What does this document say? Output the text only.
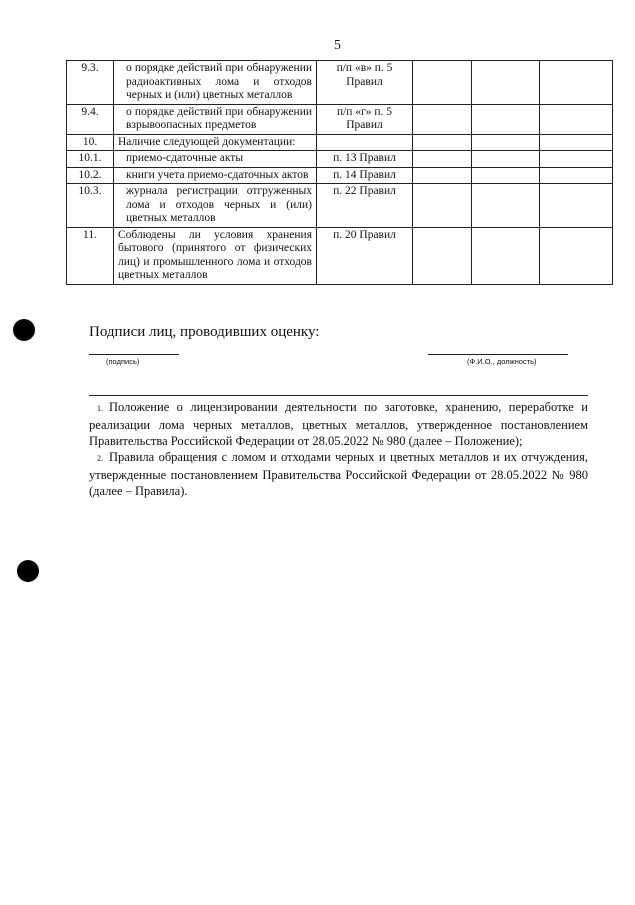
5
9.3.	о порядке действий при обнаружении радиоактивных лома и отходов черных и (или) цветных металлов	п/п «в» п. 5 Правил			
9.4.	о порядке действий при обнаружении взрывоопасных предметов	п/п «г» п. 5 Правил			
10.	Наличие следующей документации:				
10.1.	приемо-сдаточные акты	п. 13 Правил			
10.2.	книги учета приемо-сдаточных актов	п. 14 Правил			
10.3.	журнала регистрации отгруженных лома и отходов черных и (или) цветных металлов	п. 22 Правил			
11.	Соблюдены ли условия хранения бытового (принятого от физических лиц) и промышленного лома и отходов цветных металлов	п. 20 Правил			
Подписи лиц, проводивших оценку:
(подпись)	(Ф.И.О., должность)

1. Положение о лицензировании деятельности по заготовке, хранению, переработке и реализации лома черных металлов, цветных металлов, утвержденное постановлением Правительства Российской Федерации от 28.05.2022 № 980 (далее – Положение);

2. Правила обращения с ломом и отходами черных и цветных металлов и их отчуждения, утвержденные постановлением Правительства Российской Федерации от 28.05.2022 № 980 (далее – Правила).
